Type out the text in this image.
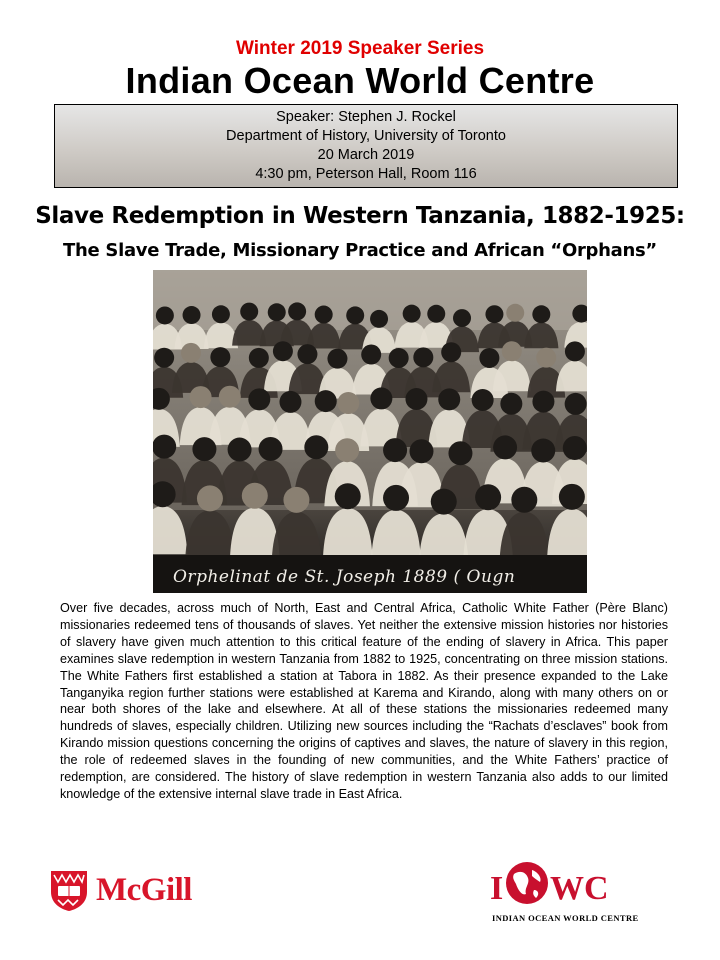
Winter 2019 Speaker Series
Indian Ocean World Centre
Speaker: Stephen J. Rockel
Department of History, University of Toronto
20 March 2019
4:30 pm, Peterson Hall, Room 116
Slave Redemption in Western Tanzania, 1882-1925:
The Slave Trade, Missionary Practice and African “Orphans”
Orphelinat de St. Joseph 1889 ( Ougn

Over five decades, across much of North, East and Central Africa, Catholic White Father (Père Blanc) missionaries redeemed tens of thousands of slaves. Yet neither the extensive mission histories nor histories of slavery have given much attention to this critical feature of the ending of slavery in Africa. This paper examines slave redemption in western Tanzania from 1882 to 1925, concentrating on three mission stations. The White Fathers first established a station at Tabora in 1882. As their presence expanded to the Lake Tanganyika region further stations were established at Karema and Kirando, along with many others on or near both shores of the lake and elsewhere. At all of these stations the missionaries redeemed many hundreds of slaves, especially children. Utilizing new sources including the “Rachats d’esclaves” book from Kirando mission questions concerning the origins of captives and slaves, the nature of slavery in this region, the role of redeemed slaves in the founding of new communities, and the White Fathers’ practice of redemption, are considered. The history of slave redemption in western Tanzania also adds to our limited knowledge of the extensive internal slave trade in East Africa.

McGill	I WC
INDIAN OCEAN WORLD CENTRE
